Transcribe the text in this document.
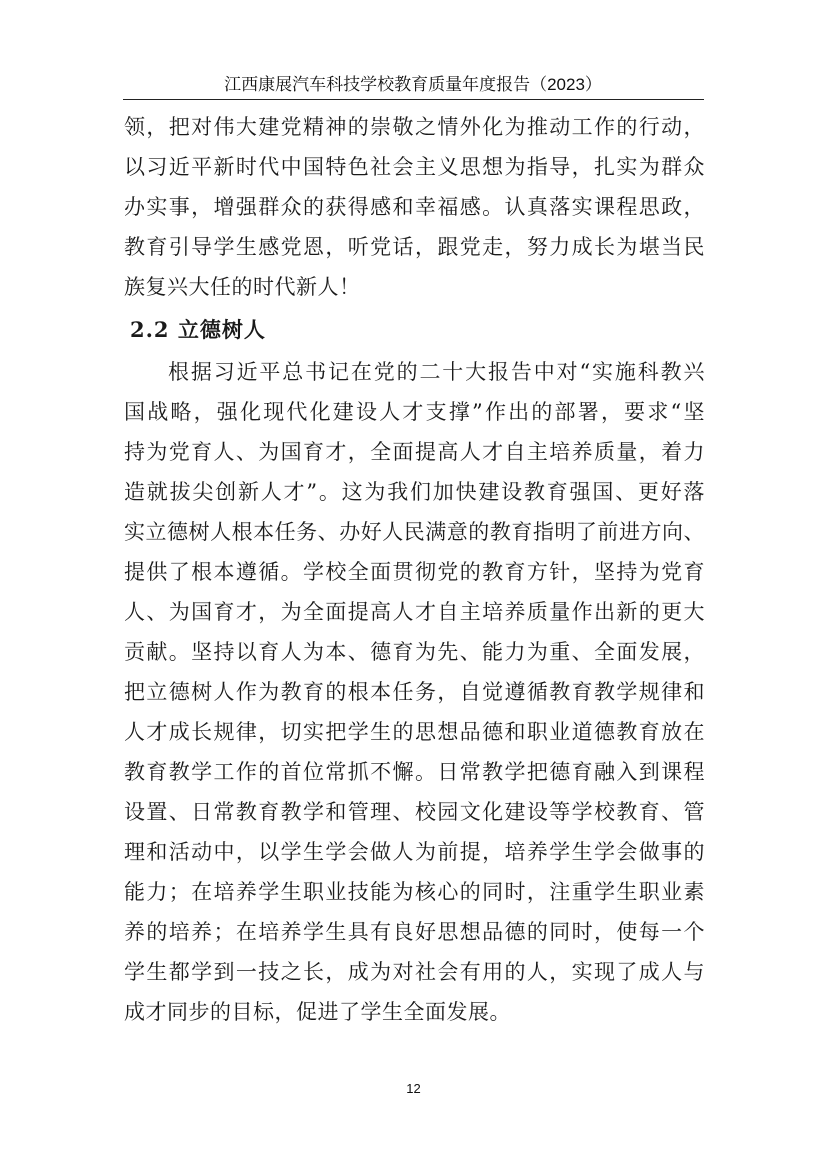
江西康展汽车科技学校教育质量年度报告（2023）
领，把对伟大建党精神的崇敬之情外化为推动工作的行动，
以习近平新时代中国特色社会主义思想为指导，扎实为群众
办实事，增强群众的获得感和幸福感。认真落实课程思政，
教育引导学生感党恩，听党话，跟党走，努力成长为堪当民
族复兴大任的时代新人！
2.2 立德树人
根据习近平总书记在党的二十大报告中对“实施科教兴
国战略，强化现代化建设人才支撑”作出的部署，要求“坚
持为党育人、为国育才，全面提高人才自主培养质量，着力
造就拔尖创新人才”。这为我们加快建设教育强国、更好落
实立德树人根本任务、办好人民满意的教育指明了前进方向、
提供了根本遵循。学校全面贯彻党的教育方针，坚持为党育
人、为国育才，为全面提高人才自主培养质量作出新的更大
贡献。坚持以育人为本、德育为先、能力为重、全面发展，
把立德树人作为教育的根本任务，自觉遵循教育教学规律和
人才成长规律，切实把学生的思想品德和职业道德教育放在
教育教学工作的首位常抓不懈。日常教学把德育融入到课程
设置、日常教育教学和管理、校园文化建设等学校教育、管
理和活动中，以学生学会做人为前提，培养学生学会做事的
能力；在培养学生职业技能为核心的同时，注重学生职业素
养的培养；在培养学生具有良好思想品德的同时，使每一个
学生都学到一技之长，成为对社会有用的人，实现了成人与
成才同步的目标，促进了学生全面发展。
12
